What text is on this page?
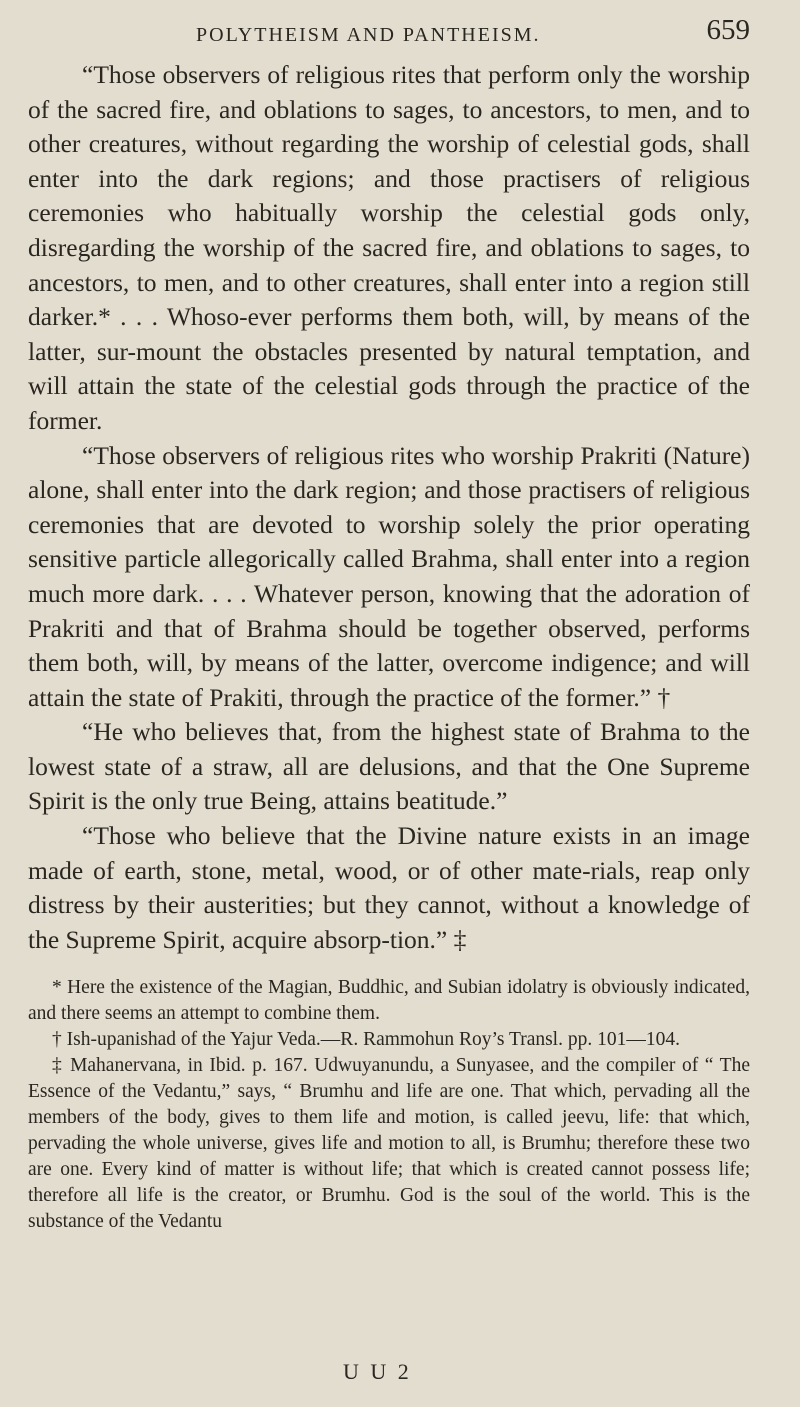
POLYTHEISM AND PANTHEISM.	659

“Those observers of religious rites that perform only the worship of the sacred fire, and oblations to sages, to ancestors, to men, and to other creatures, without regarding the worship of celestial gods, shall enter into the dark regions; and those practisers of religious ceremonies who habitually worship the celestial gods only, disregarding the worship of the sacred fire, and oblations to sages, to ancestors, to men, and to other creatures, shall enter into a region still darker.* . . . Whoso-ever performs them both, will, by means of the latter, sur-mount the obstacles presented by natural temptation, and will attain the state of the celestial gods through the practice of the former.

“Those observers of religious rites who worship Prakriti (Nature) alone, shall enter into the dark region; and those practisers of religious ceremonies that are devoted to worship solely the prior operating sensitive particle allegorically called Brahma, shall enter into a region much more dark. . . . Whatever person, knowing that the adoration of Prakriti and that of Brahma should be together observed, performs them both, will, by means of the latter, overcome indigence; and will attain the state of Prakiti, through the practice of the former.” †

“He who believes that, from the highest state of Brahma to the lowest state of a straw, all are delusions, and that the One Supreme Spirit is the only true Being, attains beatitude.”

“Those who believe that the Divine nature exists in an image made of earth, stone, metal, wood, or of other mate-rials, reap only distress by their austerities; but they cannot, without a knowledge of the Supreme Spirit, acquire absorp-tion.” ‡

* Here the existence of the Magian, Buddhic, and Subian idolatry is obviously indicated, and there seems an attempt to combine them.

† Ish-upanishad of the Yajur Veda.—R. Rammohun Roy’s Transl. pp. 101—104.

‡ Mahanervana, in Ibid. p. 167. Udwuyanundu, a Sunyasee, and the compiler of “ The Essence of the Vedantu,” says, “ Brumhu and life are one. That which, pervading all the members of the body, gives to them life and motion, is called jeevu, life: that which, pervading the whole universe, gives life and motion to all, is Brumhu; therefore these two are one. Every kind of matter is without life; that which is created cannot possess life; therefore all life is the creator, or Brumhu. God is the soul of the world. This is the substance of the Vedantu

U U 2
